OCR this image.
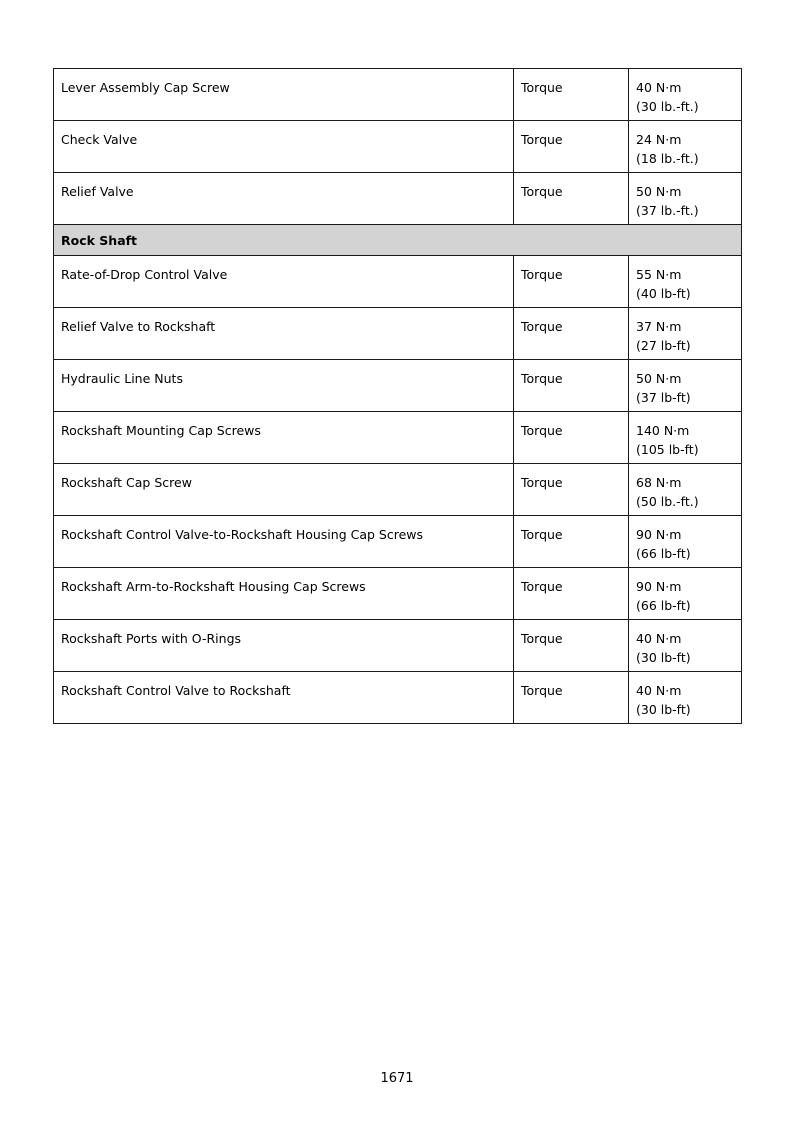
Lever Assembly Cap Screw	Torque	40 N·m
(30 lb.-ft.)

Check Valve	Torque	24 N·m
(18 lb.-ft.)

Relief Valve	Torque	50 N·m
(37 lb.-ft.)

Rock Shaft		
Rate-of-Drop Control Valve	Torque	55 N·m
(40 lb-ft)

Relief Valve to Rockshaft	Torque	37 N·m
(27 lb-ft)

Hydraulic Line Nuts	Torque	50 N·m
(37 lb-ft)

Rockshaft Mounting Cap Screws	Torque	140 N·m
(105 lb-ft)

Rockshaft Cap Screw	Torque	68 N·m
(50 lb.-ft.)

Rockshaft Control Valve-to-Rockshaft Housing Cap Screws	Torque	90 N·m
(66 lb-ft)

Rockshaft Arm-to-Rockshaft Housing Cap Screws	Torque	90 N·m
(66 lb-ft)

Rockshaft Ports with O-Rings	Torque	40 N·m
(30 lb-ft)

Rockshaft Control Valve to Rockshaft	Torque	40 N·m
(30 lb-ft)
1671
